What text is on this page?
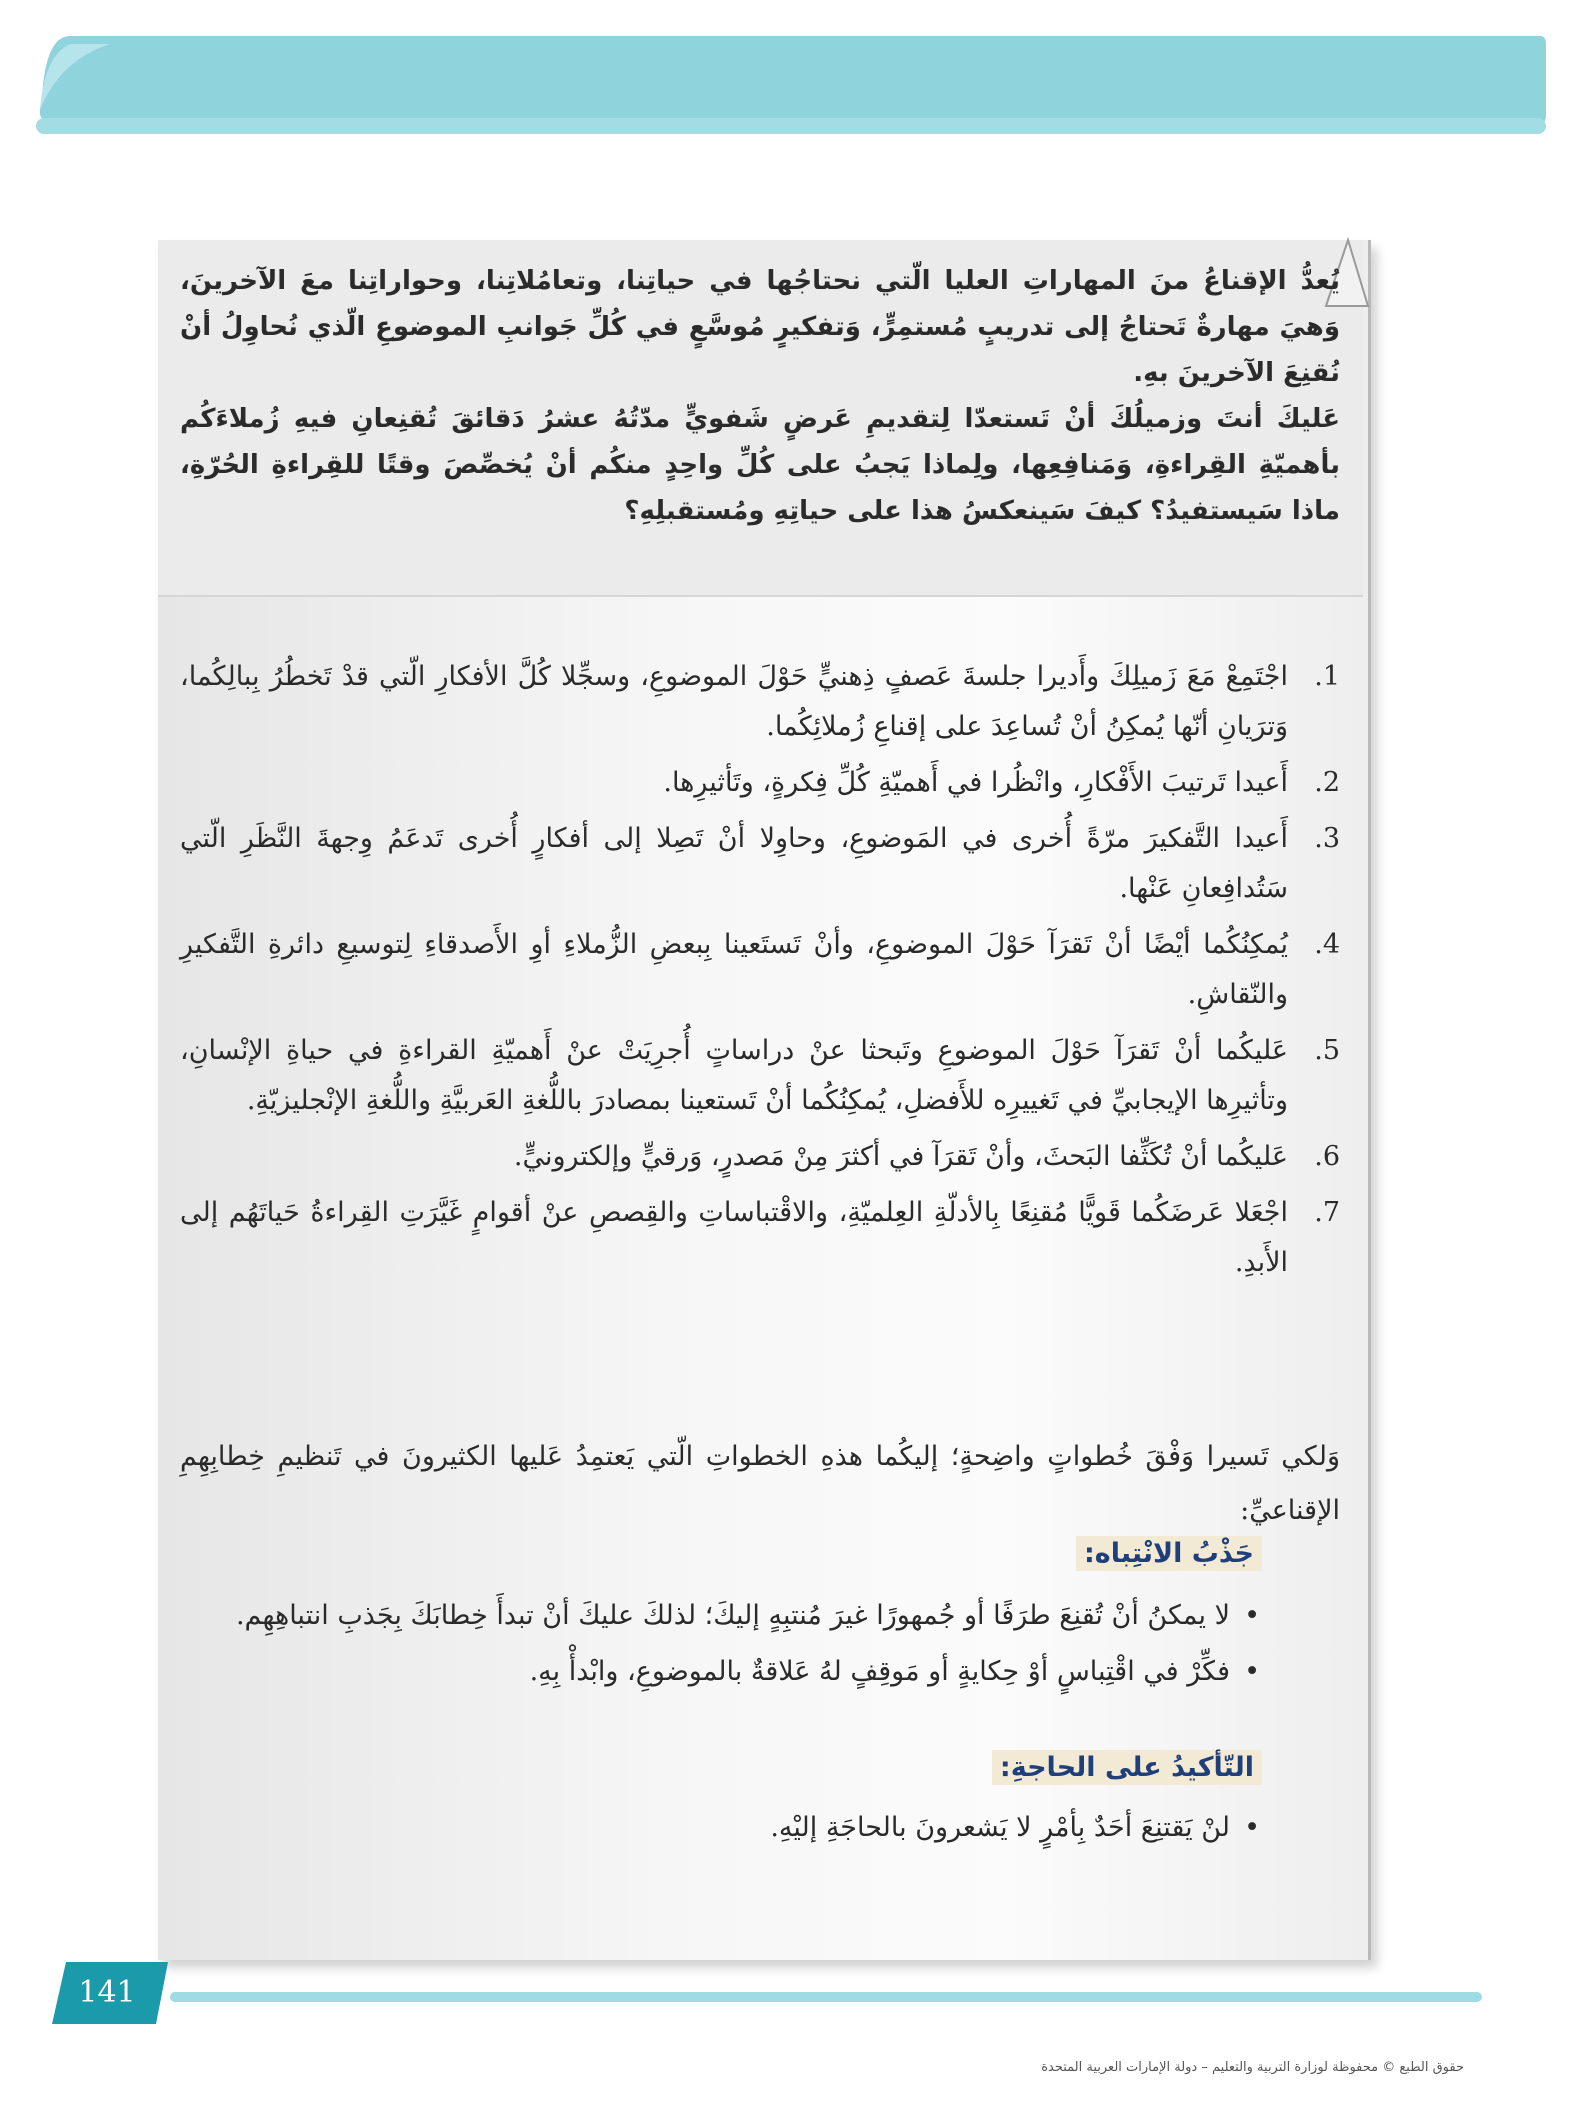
يُعدُّ الإقناعُ منَ المهاراتِ العليا الّتي نحتاجُها في حياتِنا، وتعامُلاتِنا، وحواراتِنا معَ الآخرينَ، وَهيَ مهارةٌ تَحتاجُ إلى تدريبٍ مُستمِرٍّ، وَتفكيرٍ مُوسَّعٍ في كُلِّ جَوانبِ الموضوعِ الّذي نُحاوِلُ أنْ نُقنِعَ الآخرينَ بهِ.

عَليكَ أنتَ وزميلُكَ أنْ تَستعدّا لِتقديمِ عَرضٍ شَفويٍّ مدّتُهُ عشرُ دَقائقَ تُقنِعانِ فيهِ زُملاءَكُم بأهميّةِ القِراءةِ، وَمَنافِعِها، ولِماذا يَجبُ على كُلِّ واحِدٍ منكُم أنْ يُخصِّصَ وقتًا للقِراءةِ الحُرّةِ، ماذا سَيستفيدُ؟ كيفَ سَينعكسُ هذا على حياتِهِ ومُستقبلِهِ؟

1.
اجْتَمِعْ مَعَ زَميلِكَ وأَديرا جلسةَ عَصفٍ ذِهنيٍّ حَوْلَ الموضوعِ، وسجِّلا كُلَّ الأفكارِ الّتي قدْ تَخطُرُ بِبالِكُما، وَترَيانِ أنّها يُمكِنُ أنْ تُساعِدَ على إقناعِ زُملائِكُما.
2.
أَعيدا تَرتيبَ الأَفْكارِ، وانْظُرا في أَهميّةِ كُلِّ فِكرةٍ، وتَأثيرِها.
3.
أَعيدا التَّفكيرَ مرّةً أُخرى في المَوضوعِ، وحاوِلا أنْ تَصِلا إلى أفكارٍ أُخرى تَدعَمُ وِجهةَ النَّظَرِ الّتي سَتُدافِعانِ عَنْها.
4.
يُمكِنُكُما أيْضًا أنْ تَقرَآ حَوْلَ الموضوعِ، وأنْ تَستَعينا بِبعضِ الزُّملاءِ أوِ الأَصدقاءِ لِتوسيعِ دائرةِ التَّفكيرِ والنّقاشِ.
5.
عَليكُما أنْ تَقرَآ حَوْلَ الموضوعِ وتَبحثا عنْ دراساتٍ أُجرِيَتْ عنْ أَهميّةِ القراءةِ في حياةِ الإنْسانِ، وتأثيرِها الإيجابيِّ في تَغييرِه للأَفضلِ، يُمكِنُكُما أنْ تَستعينا بمصادرَ باللُّغةِ العَربيَّةِ واللُّغةِ الإنْجليزيّةِ.
6.
عَليكُما أنْ تُكَثِّفا البَحثَ، وأنْ تَقرَآ في أكثرَ مِنْ مَصدرٍ، وَرقيٍّ وإلكترونيٍّ.
7.
اجْعَلا عَرضَكُما قَويًّا مُقنِعًا بِالأدلّةِ العِلميّةِ، والاقْتباساتِ والقِصصِ عنْ أقوامٍ غَيَّرَتِ القِراءةُ حَياتَهُم إلى الأَبدِ.

وَلكي تَسيرا وَفْقَ خُطواتٍ واضِحةٍ؛ إليكُما هذهِ الخطواتِ الّتي يَعتمِدُ عَليها الكثيرونَ في تَنظيمِ خِطابِهِمِ الإقناعيِّ:

جَذْبُ الانْتِباه:
•
لا يمكنُ أنْ تُقنِعَ طرَفًا أو جُمهورًا غيرَ مُنتبِهٍ إليكَ؛ لذلكَ عليكَ أنْ تبدأَ خِطابَكَ بِجَذبِ انتباهِهِم.
•
فكِّرْ في اقْتِباسٍ أوْ حِكايةٍ أو مَوقِفٍ لهُ عَلاقةٌ بالموضوعِ، وابْدأْ بِهِ.
التّأكيدُ على الحاجةِ:
•
لنْ يَقتنِعَ أحَدٌ بِأمْرٍ لا يَشعرونَ بالحاجَةِ إليْهِ.
141
حقوق الطبع © محفوظة لوزارة التربية والتعليم – دولة الإمارات العربية المتحدة
